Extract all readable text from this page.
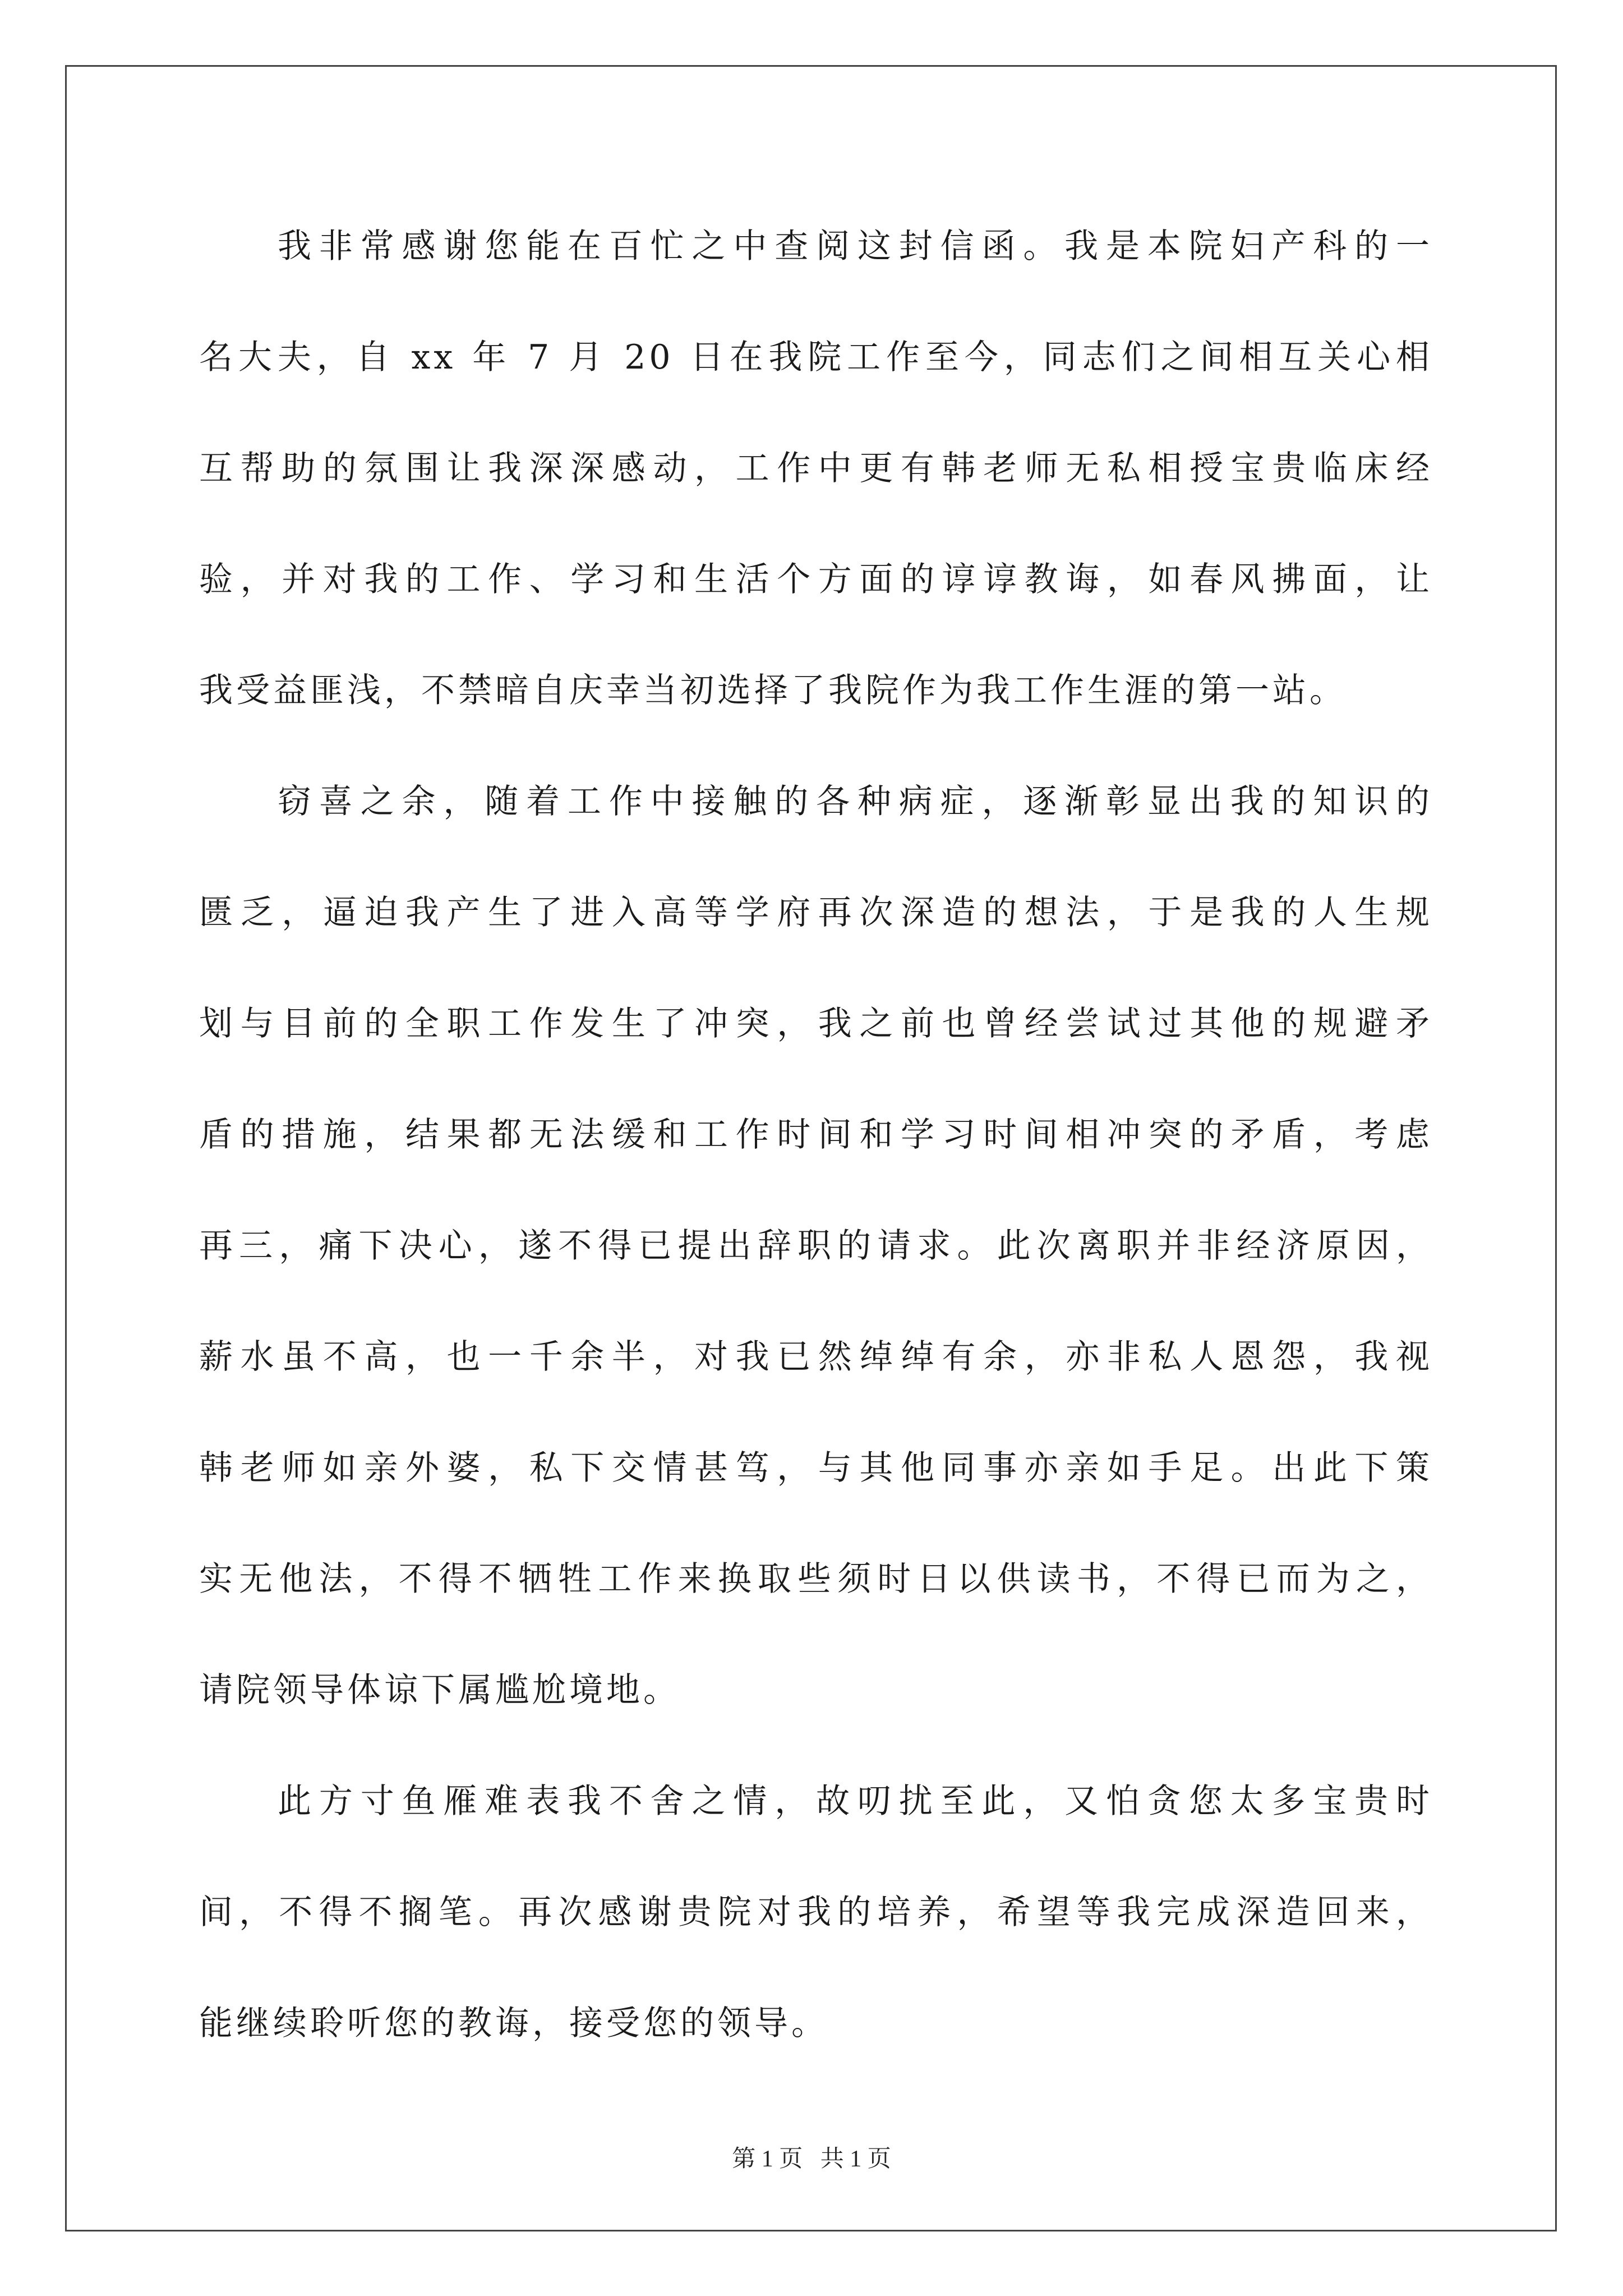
我非常感谢您能在百忙之中查阅这封信函。我是本院妇产科的一
名大夫，自 xx 年 7 月 20 日在我院工作至今，同志们之间相互关心相
互帮助的氛围让我深深感动，工作中更有韩老师无私相授宝贵临床经
验，并对我的工作、学习和生活个方面的谆谆教诲，如春风拂面，让
我受益匪浅，不禁暗自庆幸当初选择了我院作为我工作生涯的第一站。
窃喜之余，随着工作中接触的各种病症，逐渐彰显出我的知识的
匮乏，逼迫我产生了进入高等学府再次深造的想法，于是我的人生规
划与目前的全职工作发生了冲突，我之前也曾经尝试过其他的规避矛
盾的措施，结果都无法缓和工作时间和学习时间相冲突的矛盾，考虑
再三，痛下决心，遂不得已提出辞职的请求。此次离职并非经济原因，
薪水虽不高，也一千余半，对我已然绰绰有余，亦非私人恩怨，我视
韩老师如亲外婆，私下交情甚笃，与其他同事亦亲如手足。出此下策
实无他法，不得不牺牲工作来换取些须时日以供读书，不得已而为之，
请院领导体谅下属尴尬境地。
此方寸鱼雁难表我不舍之情，故叨扰至此，又怕贪您太多宝贵时
间，不得不搁笔。再次感谢贵院对我的培养，希望等我完成深造回来，
能继续聆听您的教诲，接受您的领导。
第 1 页   共 1 页
